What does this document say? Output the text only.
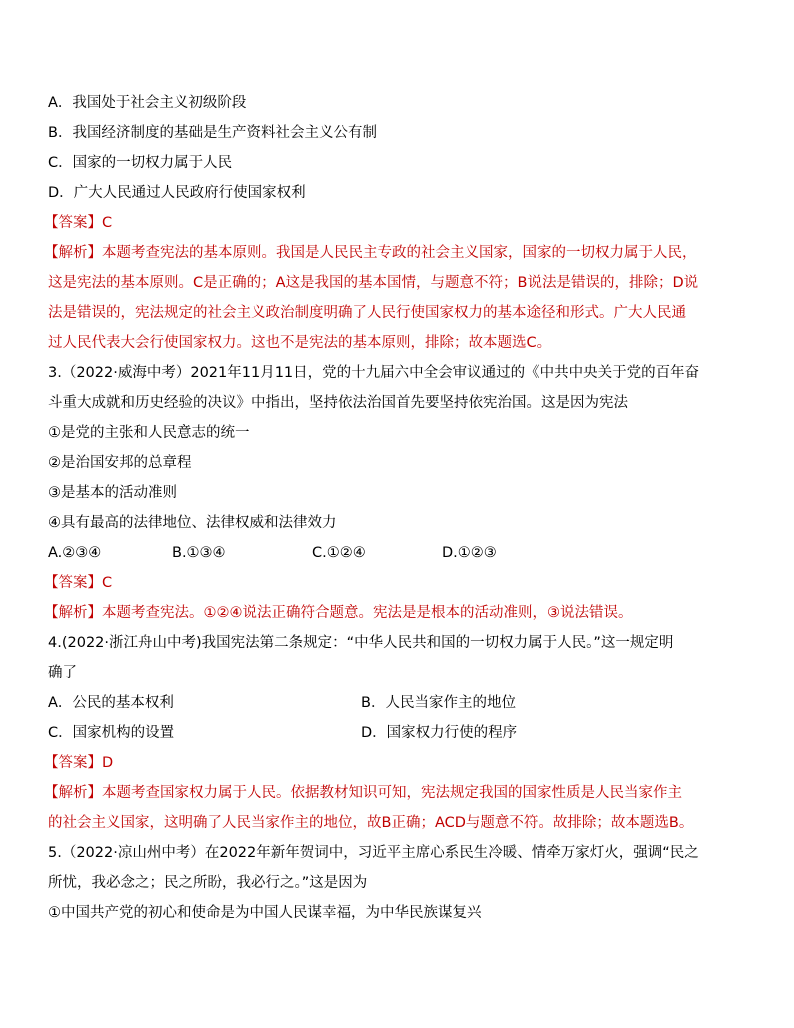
A．我国处于社会主义初级阶段
B．我国经济制度的基础是生产资料社会主义公有制
C．国家的一切权力属于人民
D．广大人民通过人民政府行使国家权利
【答案】C
【解析】本题考查宪法的基本原则。我国是人民民主专政的社会主义国家，国家的一切权力属于人民，
这是宪法的基本原则。C是正确的；A这是我国的基本国情，与题意不符；B说法是错误的，排除；D说
法是错误的，宪法规定的社会主义政治制度明确了人民行使国家权力的基本途径和形式。广大人民通
过人民代表大会行使国家权力。这也不是宪法的基本原则，排除；故本题选C。
3.（2022·威海中考）2021年11月11日，党的十九届六中全会审议通过的《中共中央关于党的百年奋
斗重大成就和历史经验的决议》中指出，坚持依法治国首先要坚持依宪治国。这是因为宪法
①是党的主张和人民意志的统一
②是治国安邦的总章程
③是基本的活动准则
④具有最高的法律地位、法律权威和法律效力
A.②③④	B.①③④	C.①②④	D.①②③
【答案】C
【解析】本题考查宪法。①②④说法正确符合题意。宪法是是根本的活动准则，③说法错误。
4.(2022·浙江舟山中考)我国宪法第二条规定：“中华人民共和国的一切权力属于人民。”这一规定明
确了
A．公民的基本权利	B．人民当家作主的地位
C．国家机构的设置	D．国家权力行使的程序
【答案】D
【解析】本题考查国家权力属于人民。依据教材知识可知，宪法规定我国的国家性质是人民当家作主
的社会主义国家，这明确了人民当家作主的地位，故B正确；ACD与题意不符。故排除；故本题选B。
5.（2022·凉山州中考）在2022年新年贺词中，习近平主席心系民生冷暖、情牵万家灯火，强调“民之
所忧，我必念之；民之所盼，我必行之。”这是因为
①中国共产党的初心和使命是为中国人民谋幸福，为中华民族谋复兴
